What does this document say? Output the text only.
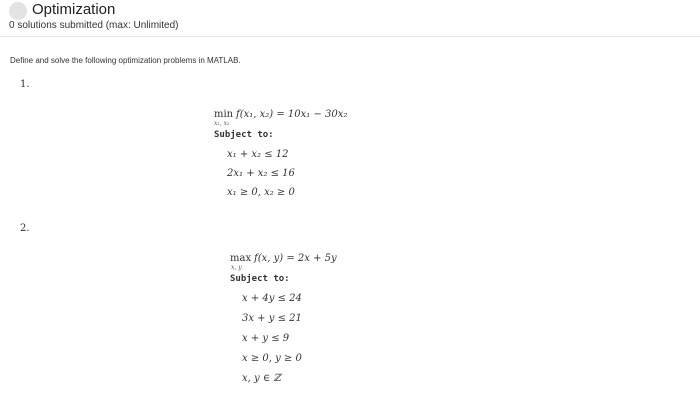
Optimization
0 solutions submitted (max: Unlimited)
Define and solve the following optimization problems in MATLAB.
1.
min
x₁, x₂
f(x₁, x₂) = 10x₁ − 30x₂
Subject to:
x₁ + x₂ ≤ 12
2x₁ + x₂ ≤ 16
x₁ ≥ 0, x₂ ≥ 0
2.
max
x, y
f(x, y) = 2x + 5y
Subject to:
x + 4y ≤ 24
3x + y ≤ 21
x + y ≤ 9
x ≥ 0, y ≥ 0
x, y ∈ ℤ
